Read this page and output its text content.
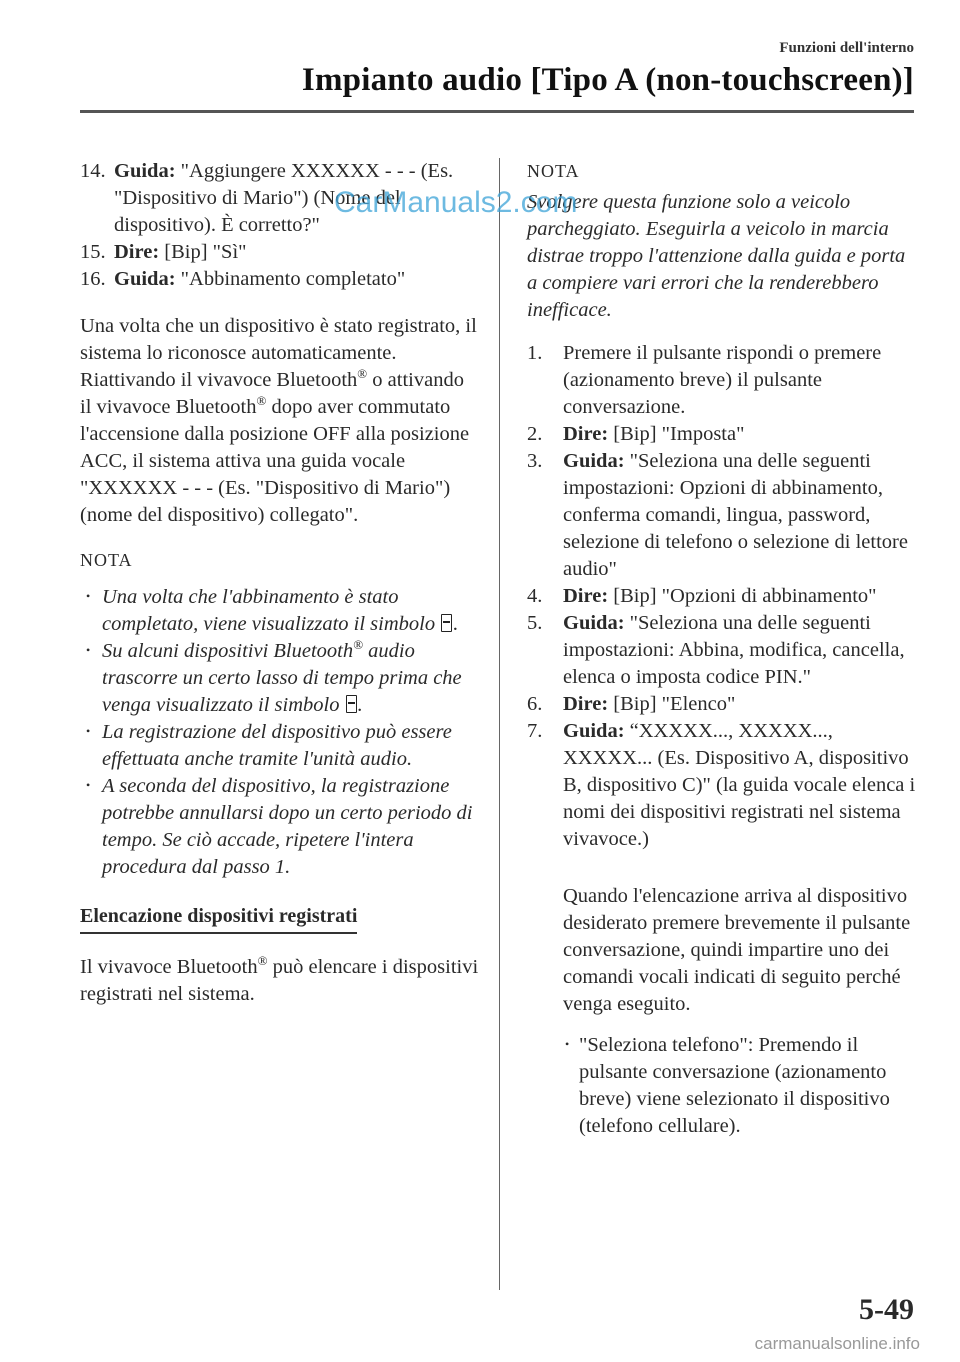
Funzioni dell'interno
Impianto audio [Tipo A (non-touchscreen)]
14. Guida: "Aggiungere XXXXXX - - - (Es. "Dispositivo di Mario") (Nome del dispositivo). È corretto?"
15. Dire: [Bip] "Sì"
16. Guida: "Abbinamento completato"

Una volta che un dispositivo è stato registrato, il sistema lo riconosce automaticamente. Riattivando il vivavoce Bluetooth® o attivando il vivavoce Bluetooth® dopo aver commutato l'accensione dalla posizione OFF alla posizione ACC, il sistema attiva una guida vocale "XXXXXX - - - (Es. "Dispositivo di Mario") (nome del dispositivo) collegato".

NOTA
• Una volta che l'abbinamento è stato completato, viene visualizzato il simbolo .
• Su alcuni dispositivi Bluetooth® audio trascorre un certo lasso di tempo prima che venga visualizzato il simbolo .
• La registrazione del dispositivo può essere effettuata anche tramite l'unità audio.
• A seconda del dispositivo, la registrazione potrebbe annullarsi dopo un certo periodo di tempo. Se ciò accade, ripetere l'intera procedura dal passo 1.
Elencazione dispositivi registrati

Il vivavoce Bluetooth® può elencare i dispositivi registrati nel sistema.

NOTA
Svolgere questa funzione solo a veicolo parcheggiato. Eseguirla a veicolo in marcia distrae troppo l'attenzione dalla guida e porta a compiere vari errori che la renderebbero inefficace.
1.	Premere il pulsante rispondi o premere (azionamento breve) il pulsante conversazione.
2.	Dire: [Bip] "Imposta"
3.	Guida: "Seleziona una delle seguenti impostazioni: Opzioni di abbinamento, conferma comandi, lingua, password, selezione di telefono o selezione di lettore audio"
4.	Dire: [Bip] "Opzioni di abbinamento"
5.	Guida: "Seleziona una delle seguenti impostazioni: Abbina, modifica, cancella, elenca o imposta codice PIN."
6.	Dire: [Bip] "Elenco"
7.	Guida: “XXXXX..., XXXXX..., XXXXX... (Es. Dispositivo A, dispositivo B, dispositivo C)" (la guida vocale elenca i nomi dei dispositivi registrati nel sistema vivavoce.)
Quando l'elencazione arriva al dispositivo desiderato premere brevemente il pulsante conversazione, quindi impartire uno dei comandi vocali indicati di seguito perché venga eseguito.
• "Seleziona telefono": Premendo il pulsante conversazione (azionamento breve) viene selezionato il dispositivo (telefono cellulare).
CarManuals2.com
5-49
carmanualsonline.info
